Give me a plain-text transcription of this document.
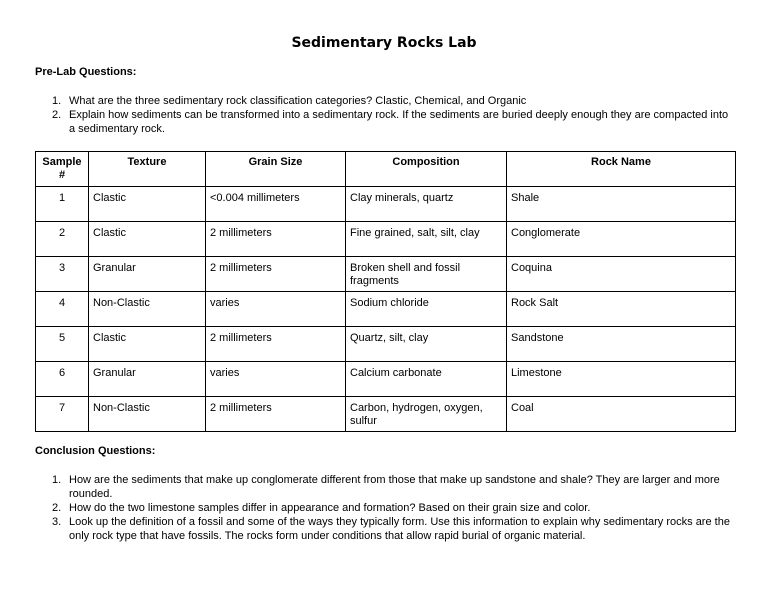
Sedimentary Rocks Lab
Pre-Lab Questions:
1. What are the three sedimentary rock classification categories? Clastic, Chemical, and Organic
2. Explain how sediments can be transformed into a sedimentary rock. If the sediments are buried deeply enough they are compacted into a sedimentary rock.
Sample #	Texture	Grain Size	Composition	Rock Name
1	Clastic	<0.004 millimeters	Clay minerals, quartz	Shale
2	Clastic	2 millimeters	Fine grained, salt, silt, clay	Conglomerate
3	Granular	2 millimeters	Broken shell and fossil fragments	Coquina
4	Non-Clastic	varies	Sodium chloride	Rock Salt
5	Clastic	2 millimeters	Quartz, silt, clay	Sandstone
6	Granular	varies	Calcium carbonate	Limestone
7	Non-Clastic	2 millimeters	Carbon, hydrogen, oxygen, sulfur	Coal
Conclusion Questions:
1. How are the sediments that make up conglomerate different from those that make up sandstone and shale? They are larger and more rounded.
2. How do the two limestone samples differ in appearance and formation? Based on their grain size and color.
3. Look up the definition of a fossil and some of the ways they typically form. Use this information to explain why sedimentary rocks are the only rock type that have fossils. The rocks form under conditions that allow rapid burial of organic material.
